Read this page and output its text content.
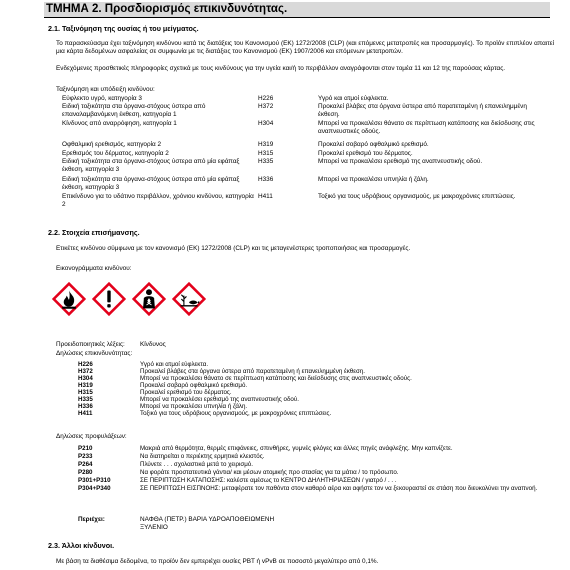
ΤΜΗΜΑ 2. Προσδιορισμός επικινδυνότητας.
2.1. Ταξινόμηση της ουσίας ή του μείγματος.
Το παρασκεύασμα έχει ταξινόμηση κινδύνου κατά τις διατάξεις του Κανονισμού (ΕΚ) 1272/2008 (CLP) (και επόμενες μετατροπές και προσαρμογές). Το προϊόν επιπλέον απαιτεί μια κάρτα δεδομένων ασφαλείας σε συμφωνία με τις διατάξεις του Κανονισμού (ΕΚ) 1907/2006 και επόμενων μετατροπών.
Ενδεχόμενες προσθετικές πληροφορίες σχετικά με τους κινδύνους για την υγεία και/ή το περιβάλλον αναγράφονται στον τομέα 11 και 12 της παρούσας κάρτας.
Ταξινόμηση και υπόδειξη κινδύνου:
Εύφλεκτο υγρό, κατηγορία 3	H226	Υγρό και ατμοί εύφλεκτα.
Ειδική τοξικότητα στα όργανα-στόχους ύστερα από επαναλαμβανόμενη έκθεση, κατηγορία 1
H372	Προκαλεί βλάβες στα όργανα ύστερα από παρατεταμένη ή επανειλημμένη έκθεση.
Κίνδυνος από αναρρόφηση, κατηγορία 1	H304	Μπορεί να προκαλέσει θάνατο σε περίπτωση κατάποσης και διείσδυσης στις αναπνευστικές οδούς.
Οφθαλμική ερεθισμός, κατηγορία 2	H319	Προκαλεί σοβαρό οφθαλμικό ερεθισμό.
Ερεθισμός του δέρματος, κατηγορία 2	H315	Προκαλεί ερεθισμό του δέρματος.
Ειδική τοξικότητα στα όργανα-στόχους ύστερα από μία εφάπαξ έκθεση, κατηγορία 3
H335	Μπορεί να προκαλέσει ερεθισμό της αναπνευστικής οδού.
Ειδική τοξικότητα στα όργανα-στόχους ύστερα από μία εφάπαξ έκθεση, κατηγορία 3
H336	Μπορεί να προκαλέσει υπνηλία ή ζάλη.
Επικίνδυνο για το υδάτινο περιβάλλον, χρόνιου κινδύνου, κατηγορία 2
H411	Τοξικό για τους υδρόβιους οργανισμούς, με μακροχρόνιες επιπτώσεις.
2.2. Στοιχεία επισήμανσης.
Ετικέτες κινδύνου σύμφωνα με τον κανονισμό (ΕΚ) 1272/2008 (CLP) και τις μεταγενέστερες τροποποιήσεις και προσαρμογές.
Εικονογράμματα κινδύνου:
Προειδοποιητικές λέξεις: Κίνδυνος
Δηλώσεις επικινδυνότητας:
H226	Υγρό και ατμοί εύφλεκτα.
H372	Προκαλεί βλάβες στα όργανα ύστερα από παρατεταμένη ή επανειλημμένη έκθεση.
H304	Μπορεί να προκαλέσει θάνατο σε περίπτωση κατάποσης και διείσδυσης στις αναπνευστικές οδούς.
H319	Προκαλεί σοβαρό οφθαλμικό ερεθισμό.
H315	Προκαλεί ερεθισμό του δέρματος.
H335	Μπορεί να προκαλέσει ερεθισμό της αναπνευστικής οδού.
H336	Μπορεί να προκαλέσει υπνηλία ή ζάλη.
H411	Τοξικό για τους υδρόβιους οργανισμούς, με μακροχρόνιες επιπτώσεις.
Δηλώσεις προφυλάξεων:
P210	Μακριά από θερμότητα, θερμές επιφάνειες, σπινθήρες, γυμνές φλόγες και άλλες πηγές ανάφλεξης. Μην καπνίζετε.
P233	Να διατηρείται ο περιέκτης ερμητικά κλειστός.
P264	Πλύνετε . . . σχολαστικά μετά το χειρισμό.
P280	Να φοράτε προστατευτικά γάντια/ και μέσων ατομικής προ στασίας για τα μάτια / το πρόσωπο.
P301+P310	ΣΕ ΠΕΡΙΠΤΩΣΗ ΚΑΤΑΠΟΣΗΣ: καλέστε αμέσως το ΚΕΝΤΡΟ ΔΗΛΗΤΗΡΙΑΣΕΩΝ / γιατρό / . . .
P304+P340	ΣΕ ΠΕΡΙΠΤΩΣΗ ΕΙΣΠΝΟΗΣ: μεταφέρατε τον παθόντα στον καθαρό αέρα και αφήστε τον να ξεκουραστεί σε στάση που διευκολύνει την αναπνοή.
Περιέχει:	ΝΑΦΘΑ (ΠΕΤΡ.) ΒΑΡΙΑ ΥΔΡΟΑΠΟΘΕΙΩΜΕΝΗ
ΞΥΛΕΝΙΟ
2.3. Άλλοι κίνδυνοι.
Με βάση τα διαθέσιμα δεδομένα, το προϊόν δεν εμπεριέχει ουσίες PBT ή vPvB σε ποσοστό μεγαλύτερο από 0,1%.
